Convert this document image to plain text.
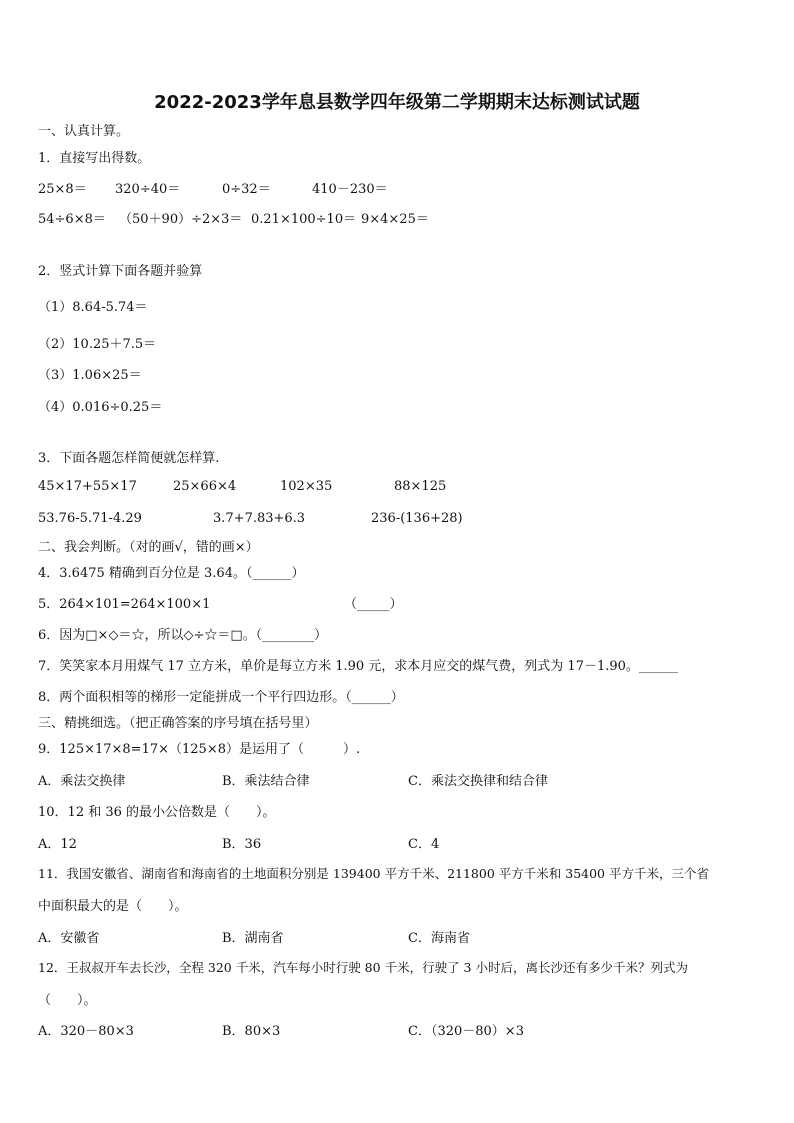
2022-2023学年息县数学四年级第二学期期末达标测试试题
一、认真计算。
1．直接写出得数。
25×8＝ 320÷40＝	0÷32＝	410－230＝
54÷6×8＝ （50＋90）÷2×3＝ 0.21×100÷10＝ 9×4×25＝
2．竖式计算下面各题并验算
（1）8.64-5.74＝
（2）10.25＋7.5＝
（3）1.06×25＝
（4）0.016÷0.25＝
3．下面各题怎样简便就怎样算.
45×17+55×17	25×66×4	102×35	88×125
53.76-5.71-4.29	3.7+7.83+6.3	236-(136+28)
二、我会判断。（对的画√，错的画×）
4．3.6475 精确到百分位是 3.64。（______）
5．264×101=264×100×1	（_____）
6．因为□×◇＝☆，所以◇÷☆＝□。（________）
7．笑笑家本月用煤气 17 立方米，单价是每立方米 1.90 元，求本月应交的煤气费，列式为 17－1.90。______
8．两个面积相等的梯形一定能拼成一个平行四边形。（______）
三、精挑细选。（把正确答案的序号填在括号里）
9．125×17×8=17×（125×8）是运用了（　　　）.
A．乘法交换律	B．乘法结合律	C．乘法交换律和结合律
10．12 和 36 的最小公倍数是（　　）。
A．12	B．36	C．4
11．我国安徽省、湖南省和海南省的土地面积分别是 139400 平方千米、211800 平方千米和 35400 平方千米，三个省
中面积最大的是（　　）。
A．安徽省	B．湖南省	C．海南省
12．王叔叔开车去长沙，全程 320 千米，汽车每小时行驶 80 千米，行驶了 3 小时后，离长沙还有多少千米？列式为
（　　）。
A．320－80×3	B．80×3	C．（320－80）×3
